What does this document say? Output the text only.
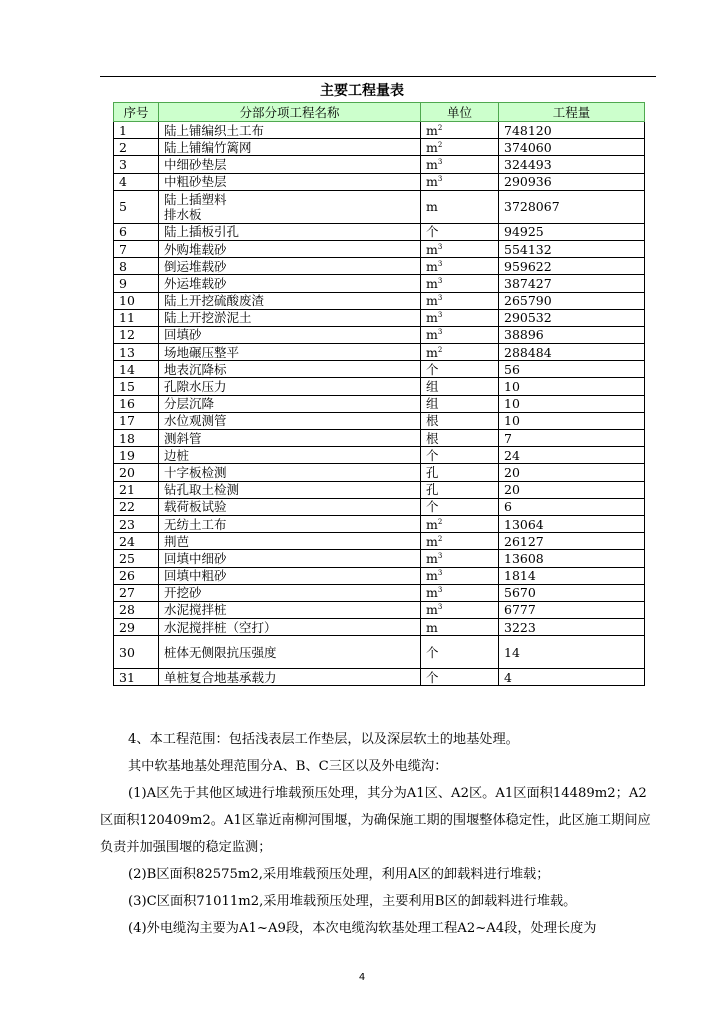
主要工程量表
序号	分部分项工程名称	单位	工程量
1	陆上铺编织土工布	$m^2$	748120
2	陆上铺编竹篱网	$m^2$	374060
3	中细砂垫层	$m^3$	324493
4	中粗砂垫层	$m^3$	290936
5	陆上插塑料
排水板	m	3728067
6	陆上插板引孔	个	94925
7	外购堆载砂	$m^3$	554132
8	倒运堆载砂	$m^3$	959622
9	外运堆载砂	$m^3$	387427
10	陆上开挖硫酸废渣	$m^3$	265790
11	陆上开挖淤泥土	$m^3$	290532
12	回填砂	$m^3$	38896
13	场地碾压整平	$m^2$	288484
14	地表沉降标	个	56
15	孔隙水压力	组	10
16	分层沉降	组	10
17	水位观测管	根	10
18	测斜管	根	7
19	边桩	个	24
20	十字板检测	孔	20
21	钻孔取土检测	孔	20
22	载荷板试验	个	6
23	无纺土工布	$m^2$	13064
24	荆芭	$m^2$	26127
25	回填中细砂	$m^3$	13608
26	回填中粗砂	$m^3$	1814
27	开挖砂	$m^3$	5670
28	水泥搅拌桩	$m^3$	6777
29	水泥搅拌桩（空打）	m	3223
30	桩体无侧限抗压强度	个	14
31	单桩复合地基承载力	个	4
4、本工程范围：包括浅表层工作垫层，以及深层软土的地基处理。
其中软基地基处理范围分A、B、C三区以及外电缆沟：
(1)A区先于其他区域进行堆载预压处理，其分为A1区、A2区。A1区面积14489m2；A2区面积120409m2。A1区靠近南柳河围堰，为确保施工期的围堰整体稳定性，此区施工期间应负责并加强围堰的稳定监测；
(2)B区面积82575m2,采用堆载预压处理，利用A区的卸载料进行堆载；
(3)C区面积71011m2,采用堆载预压处理，主要利用B区的卸载料进行堆载。
(4)外电缆沟主要为A1~A9段，本次电缆沟软基处理工程A2~A4段，处理长度为
4
